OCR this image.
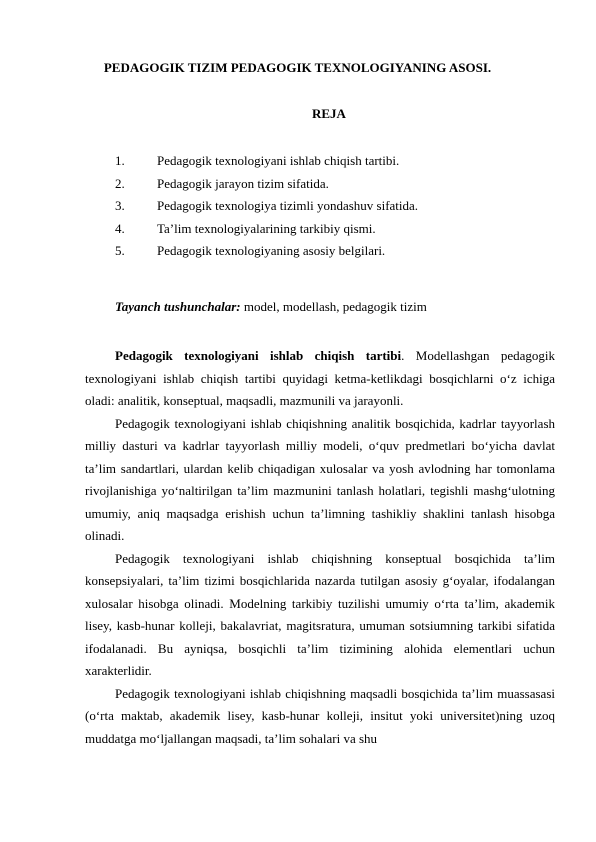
PEDAGOGIK TIZIM PEDAGOGIK TEXNOLOGIYANING ASOSI.
REJA
1. Pedagogik texnologiyani ishlab chiqish tartibi.
2. Pedagogik jarayon tizim sifatida.
3. Pedagogik texnologiya tizimli yondashuv sifatida.
4. Ta’lim texnologiyalarining tarkibiy qismi.
5. Pedagogik texnologiyaning asosiy belgilari.
Tayanch tushunchalar: model, modellash, pedagogik tizim

Pedagogik texnologiyani ishlab chiqish tartibi. Modellashgan pedagogik texnologiyani ishlab chiqish tartibi quyidagi ketma-ketlikdagi bosqichlarni o‘z ichiga oladi: analitik, konseptual, maqsadli, mazmunili va jarayonli.

Pedagogik texnologiyani ishlab chiqishning analitik bosqichida, kadrlar tayyorlash milliy dasturi va kadrlar tayyorlash milliy modeli, o‘quv predmetlari bo‘yicha davlat ta’lim sandartlari, ulardan kelib chiqadigan xulosalar va yosh avlodning har tomonlama rivojlanishiga yo‘naltirilgan ta’lim mazmunini tanlash holatlari, tegishli mashg‘ulotning umumiy, aniq maqsadga erishish uchun ta’limning tashikliy shaklini tanlash hisobga olinadi.

Pedagogik texnologiyani ishlab chiqishning konseptual bosqichida ta’lim konsepsiyalari, ta’lim tizimi bosqichlarida nazarda tutilgan asosiy g‘oyalar, ifodalangan xulosalar hisobga olinadi. Modelning tarkibiy tuzilishi umumiy o‘rta ta’lim, akademik lisey, kasb-hunar kolleji, bakalavriat, magitsratura, umuman sotsiumning tarkibi sifatida ifodalanadi. Bu ayniqsa, bosqichli ta’lim tizimining alohida elementlari uchun xarakterlidir.

Pedagogik texnologiyani ishlab chiqishning maqsadli bosqichida ta’lim muassasasi (o‘rta maktab, akademik lisey, kasb-hunar kolleji, insitut yoki universitet)ning uzoq muddatga mo‘ljallangan maqsadi, ta’lim sohalari va shu
